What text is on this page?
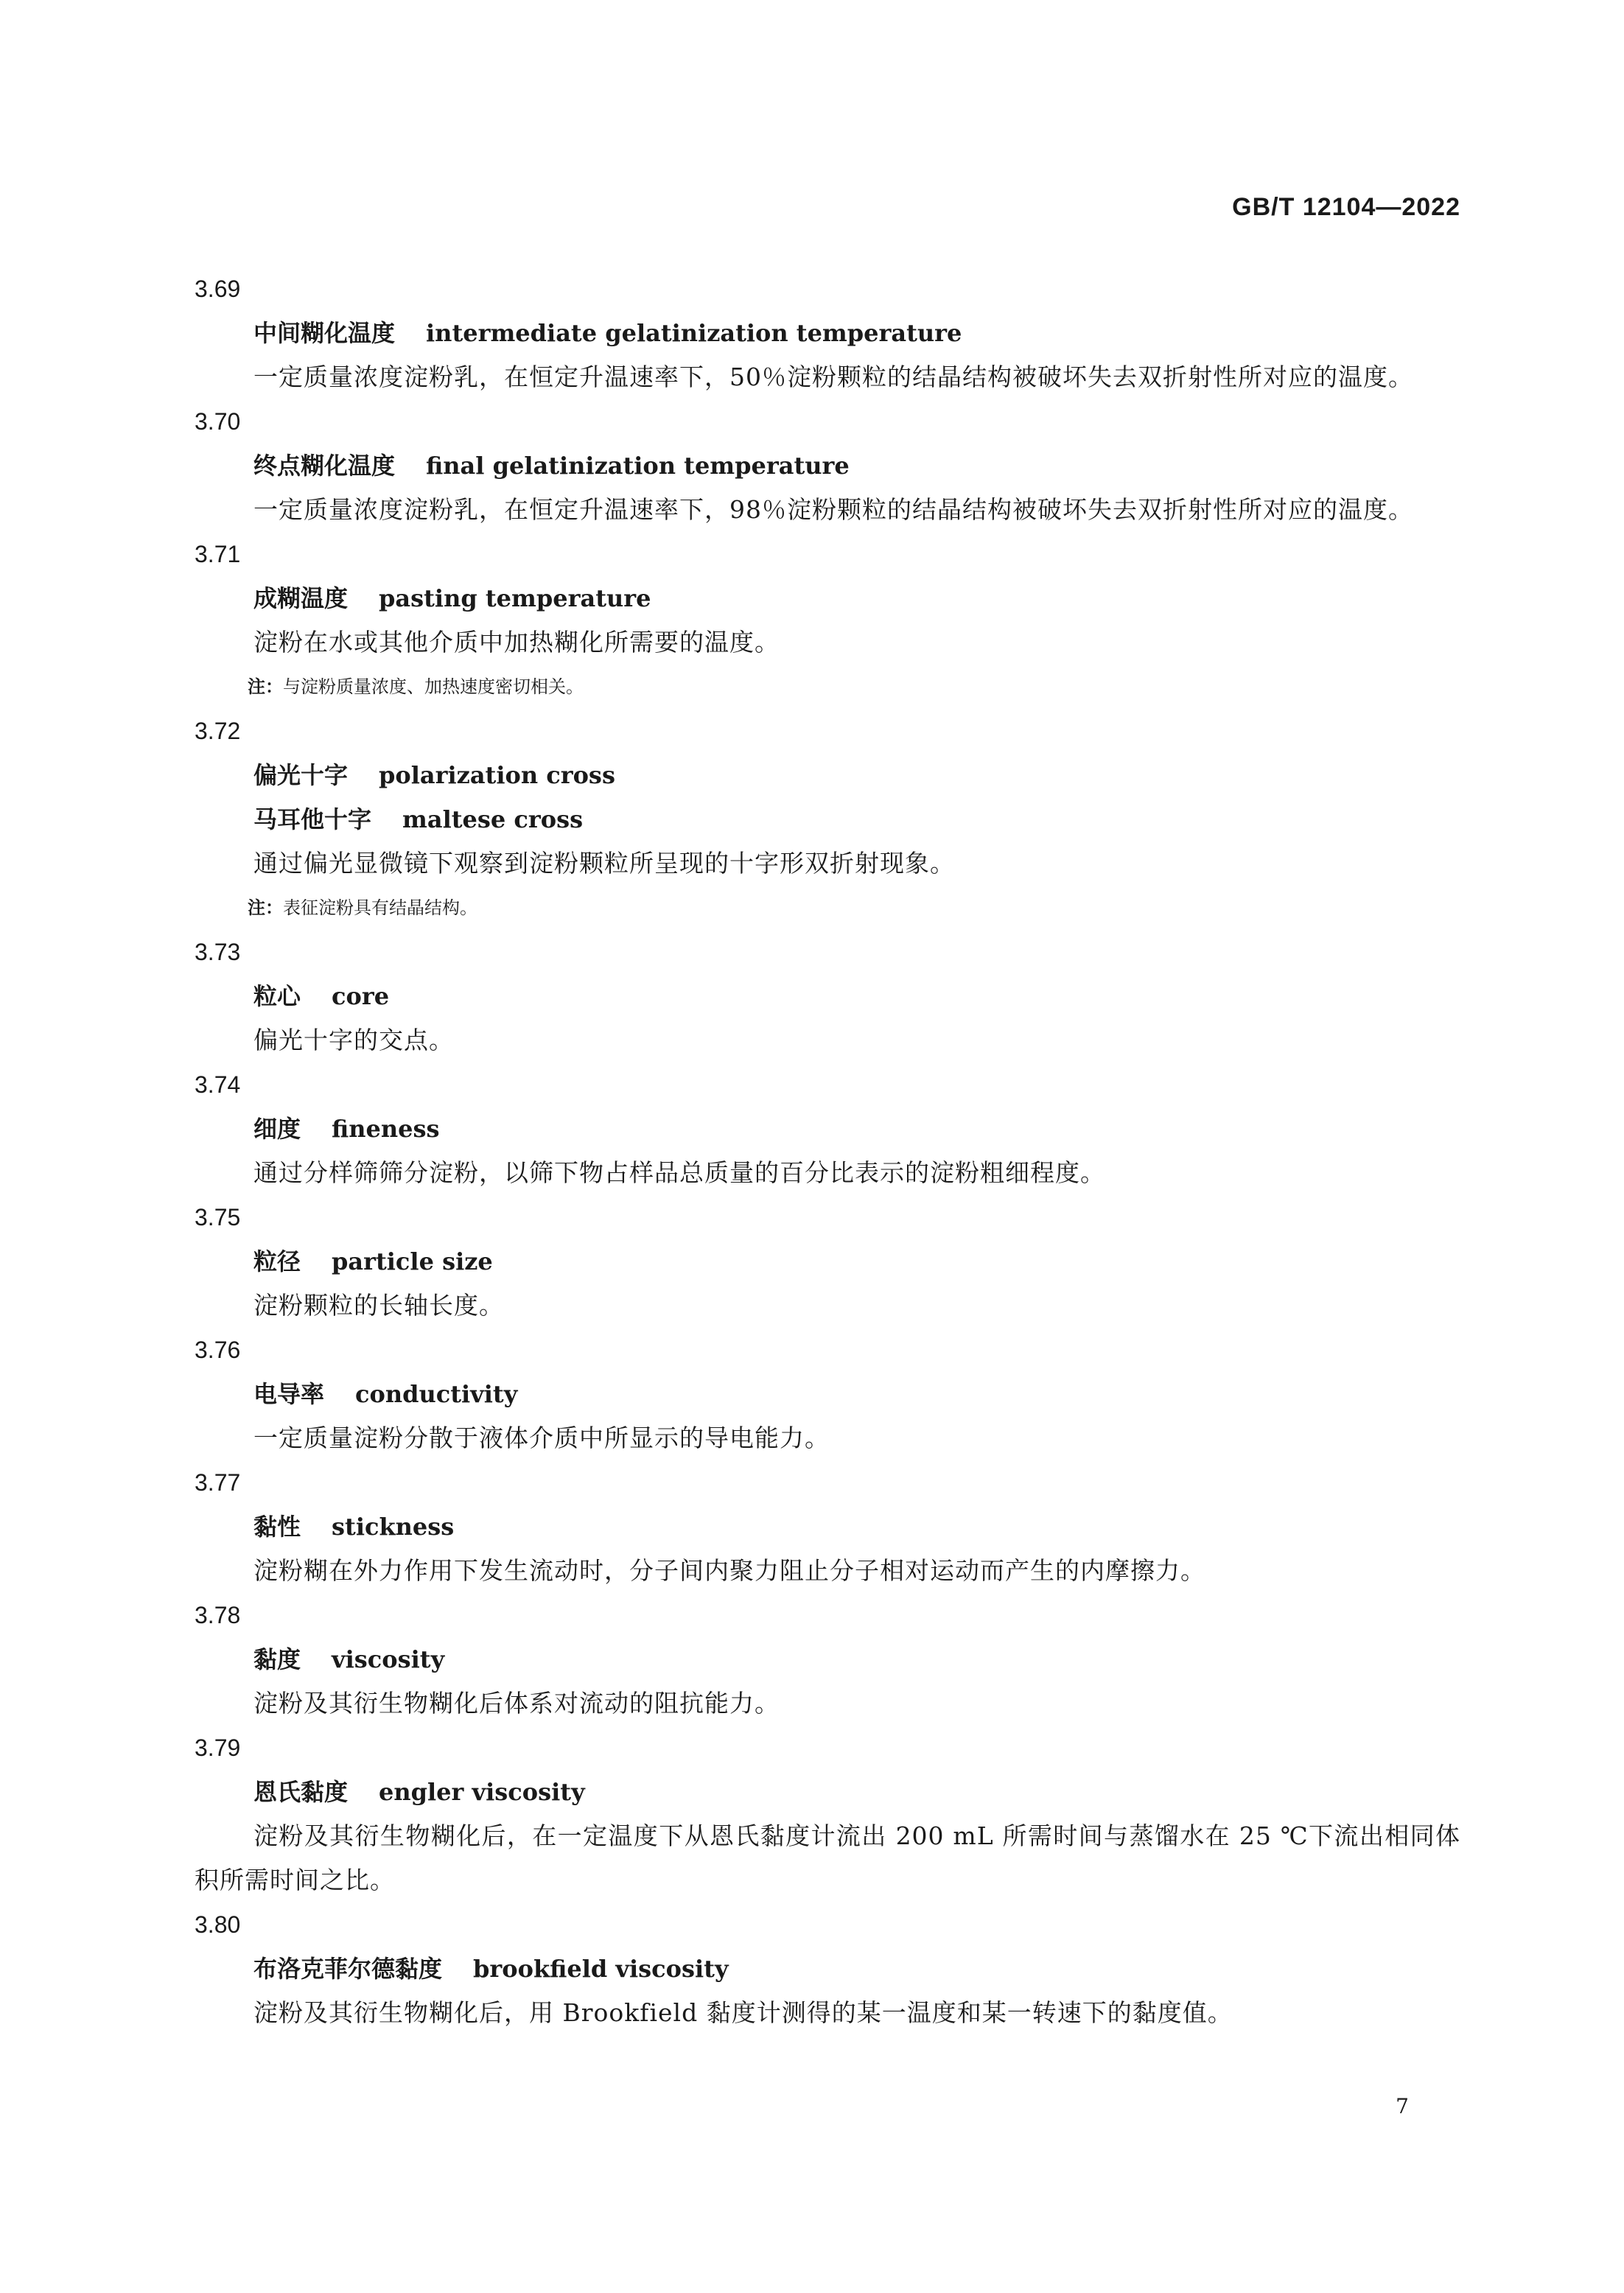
GB/T 12104—2022
3.69
中间糊化温度 intermediate gelatinization temperature
一定质量浓度淀粉乳，在恒定升温速率下，50％淀粉颗粒的结晶结构被破坏失去双折射性所对应的温度。
3.70
终点糊化温度 final gelatinization temperature
一定质量浓度淀粉乳，在恒定升温速率下，98％淀粉颗粒的结晶结构被破坏失去双折射性所对应的温度。
3.71
成糊温度 pasting temperature
淀粉在水或其他介质中加热糊化所需要的温度。
注：与淀粉质量浓度、加热速度密切相关。
3.72
偏光十字 polarization cross
马耳他十字 maltese cross
通过偏光显微镜下观察到淀粉颗粒所呈现的十字形双折射现象。
注：表征淀粉具有结晶结构。
3.73
粒心 core
偏光十字的交点。
3.74
细度 fineness
通过分样筛筛分淀粉，以筛下物占样品总质量的百分比表示的淀粉粗细程度。
3.75
粒径 particle size
淀粉颗粒的长轴长度。
3.76
电导率 conductivity
一定质量淀粉分散于液体介质中所显示的导电能力。
3.77
黏性 stickness
淀粉糊在外力作用下发生流动时，分子间内聚力阻止分子相对运动而产生的内摩擦力。
3.78
黏度 viscosity
淀粉及其衍生物糊化后体系对流动的阻抗能力。
3.79
恩氏黏度 engler viscosity
淀粉及其衍生物糊化后，在一定温度下从恩氏黏度计流出 200 mL 所需时间与蒸馏水在 25 ℃下流出相同体积所需时间之比。
3.80
布洛克菲尔德黏度 brookfield viscosity
淀粉及其衍生物糊化后，用 Brookfield 黏度计测得的某一温度和某一转速下的黏度值。
7
